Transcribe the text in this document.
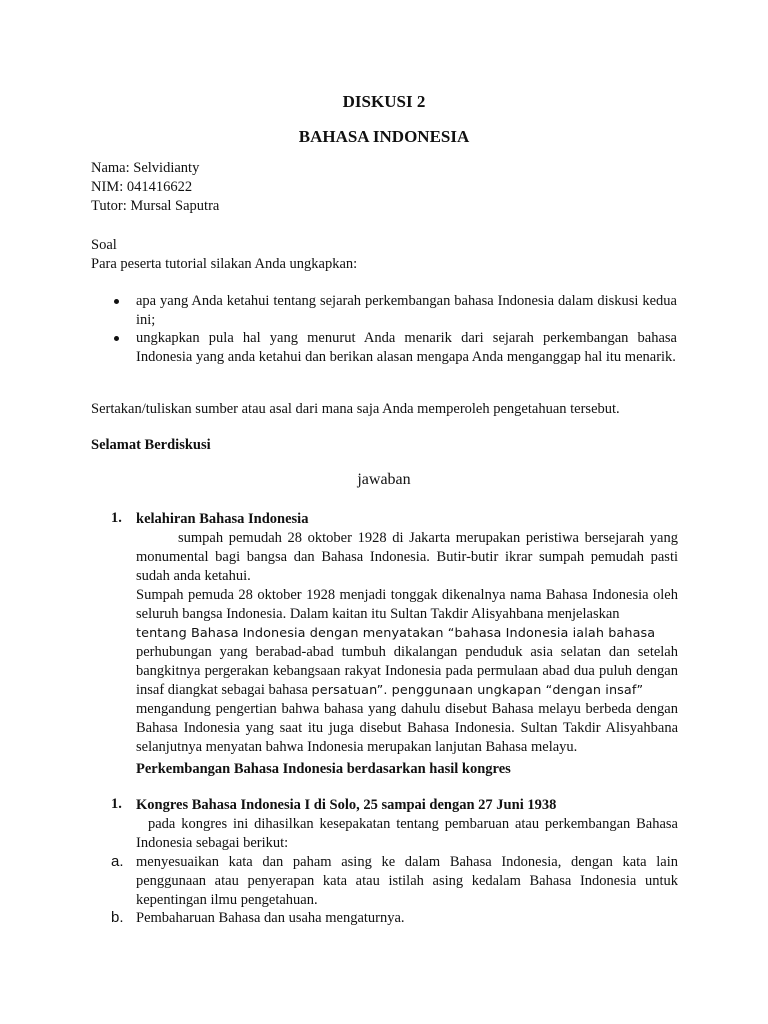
DISKUSI 2
BAHASA INDONESIA
Nama: Selvidianty
NIM: 041416622
Tutor: Mursal Saputra
Soal
Para peserta tutorial silakan Anda ungkapkan:
apa yang Anda ketahui tentang sejarah perkembangan bahasa Indonesia dalam diskusi kedua ini;
ungkapkan pula hal yang menurut Anda menarik dari sejarah perkembangan bahasa Indonesia yang anda ketahui dan berikan alasan mengapa Anda menganggap hal itu menarik.
Sertakan/tuliskan sumber atau asal dari mana saja Anda memperoleh pengetahuan tersebut.
Selamat Berdiskusi
jawaban
1. kelahiran Bahasa Indonesia
sumpah pemudah 28 oktober 1928 di Jakarta merupakan peristiwa bersejarah yang monumental bagi bangsa dan Bahasa Indonesia. Butir-butir ikrar sumpah pemudah pasti sudah anda ketahui.
Sumpah pemuda 28 oktober 1928 menjadi tonggak dikenalnya nama Bahasa Indonesia oleh seluruh bangsa Indonesia. Dalam kaitan itu Sultan Takdir Alisyahbana menjelaskan
tentang Bahasa Indonesia dengan menyatakan “bahasa Indonesia ialah bahasa
perhubungan yang berabad-abad tumbuh dikalangan penduduk asia selatan dan setelah bangkitnya pergerakan kebangsaan rakyat Indonesia pada permulaan abad dua puluh dengan insaf diangkat sebagai bahasa persatuan”. penggunaan ungkapan “dengan insaf”
mengandung pengertian bahwa bahasa yang dahulu disebut Bahasa melayu berbeda dengan Bahasa Indonesia yang saat itu juga disebut Bahasa Indonesia. Sultan Takdir Alisyahbana selanjutnya menyatan bahwa Indonesia merupakan lanjutan Bahasa melayu.
Perkembangan Bahasa Indonesia berdasarkan hasil kongres
1. Kongres Bahasa Indonesia I di Solo, 25 sampai dengan 27 Juni 1938
pada kongres ini dihasilkan kesepakatan tentang pembaruan atau perkembangan Bahasa Indonesia sebagai berikut:
a. menyesuaikan kata dan paham asing ke dalam Bahasa Indonesia, dengan kata lain penggunaan atau penyerapan kata atau istilah asing kedalam Bahasa Indonesia untuk kepentingan ilmu pengetahuan.
b. Pembaharuan Bahasa dan usaha mengaturnya.
